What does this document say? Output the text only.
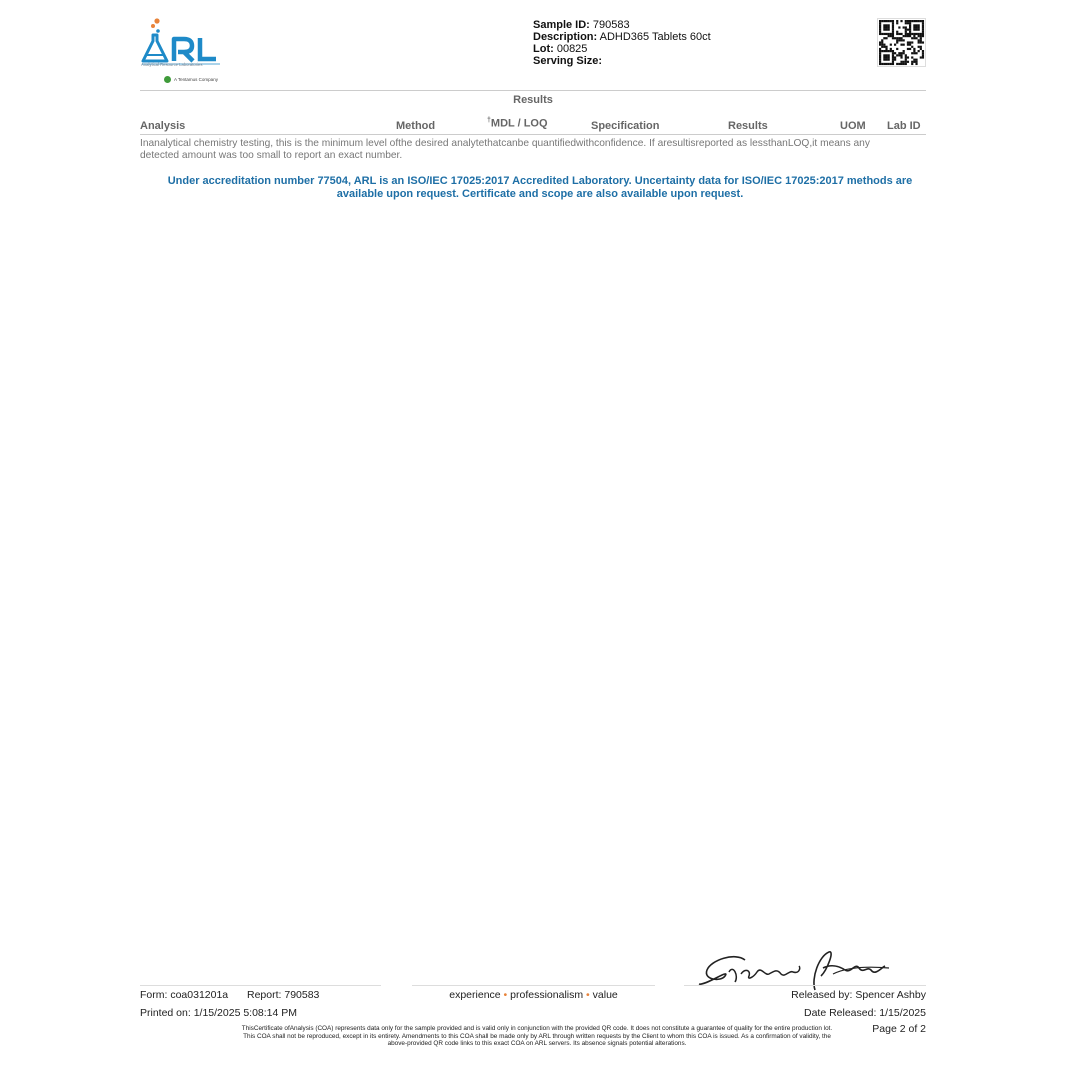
Analytical Resource Laboratories
A Tentamus Company
Sample ID: 790583
Description: ADHD365 Tablets 60ct
Lot: 00825
Serving Size:
Results
Analysis	Method	†MDL / LOQ	Specification	Results	UOM Lab ID
Inanalytical chemistry testing, this is the minimum level ofthe desired analytethatcanbe quantifiedwithconfidence. If aresultisreported as lessthanLOQ,it means any detected amount was too small to report an exact number.
Under accreditation number 77504, ARL is an ISO/IEC 17025:2017 Accredited Laboratory. Uncertainty data for ISO/IEC 17025:2017 methods are available upon request. Certificate and scope are also available upon request.
Form: coa031201a Report: 790583
Printed on: 1/15/2025 5:08:14 PM
experience • professionalism • value	Released by: Spencer Ashby
Date Released: 1/15/2025
Page 2 of 2
ThisCertificate ofAnalysis (COA) represents data only for the sample provided and is valid only in conjunction with the provided QR code. It does not constitute a guarantee of quality for the entire production lot. This COA shall not be reproduced, except in its entirety. Amendments to this COA shall be made only by ARL through written requests by the Client to whom this COA is issued. As a confirmation of validity, the above-provided QR code links to this exact COA on ARL servers. Its absence signals potential alterations.
